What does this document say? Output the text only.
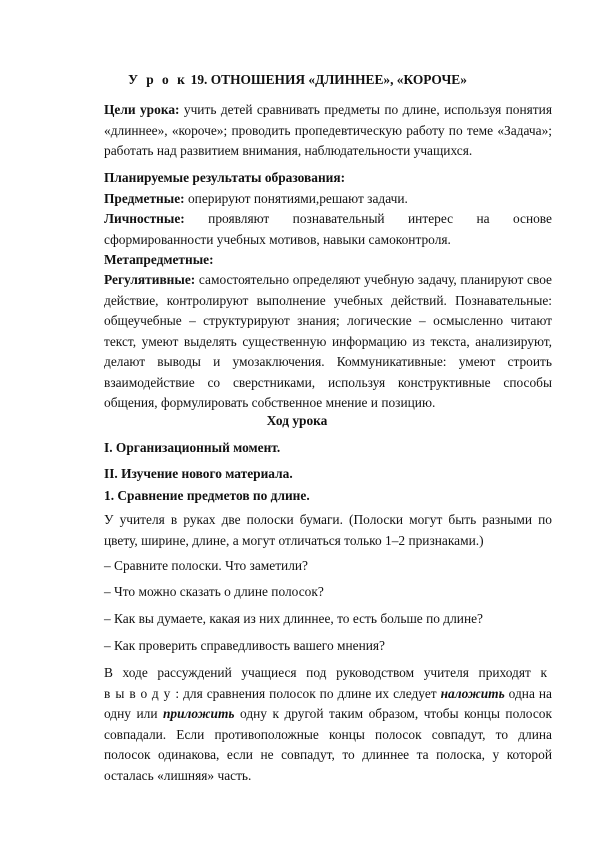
У р о к 19. ОТНОШЕНИЯ «ДЛИННЕЕ», «КОРОЧЕ»
Цели урока: учить детей сравнивать предметы по длине, используя понятия «длиннее», «короче»; проводить пропедевтическую работу по теме «Задача»; работать над развитием внимания, наблюдательности учащихся.
Планируемые результаты образования:
Предметные: оперируют понятиями,решают задачи.
Личностные: проявляют познавательный интерес на основе сформированности учебных мотивов, навыки самоконтроля.
Метапредметные:
Регулятивные: самостоятельно определяют учебную задачу, планируют свое действие, контролируют выполнение учебных действий. Познавательные: общеучебные – структурируют знания; логические – осмысленно читают текст, умеют выделять существенную информацию из текста, анализируют, делают выводы и умозаключения. Коммуникативные: умеют строить взаимодействие со сверстниками, используя конструктивные способы общения, формулировать собственное мнение и позицию.
Ход урока
I. Организационный момент.
II. Изучение нового материала.
1. Сравнение предметов по длине.
У учителя в руках две полоски бумаги. (Полоски могут быть разными по цвету, ширине, длине, а могут отличаться только 1–2 признаками.)
– Сравните полоски. Что заметили?
– Что можно сказать о длине полосок?
– Как вы думаете, какая из них длиннее, то есть больше по длине?
– Как проверить справедливость вашего мнения?
В ходе рассуждений учащиеся под руководством учителя приходят к выводу: для сравнения полосок по длине их следует наложить одна на одну или приложить одну к другой таким образом, чтобы концы полосок совпадали. Если противоположные концы полосок совпадут, то длина полосок одинакова, если не совпадут, то длиннее та полоска, у которой осталась «лишняя» часть.
